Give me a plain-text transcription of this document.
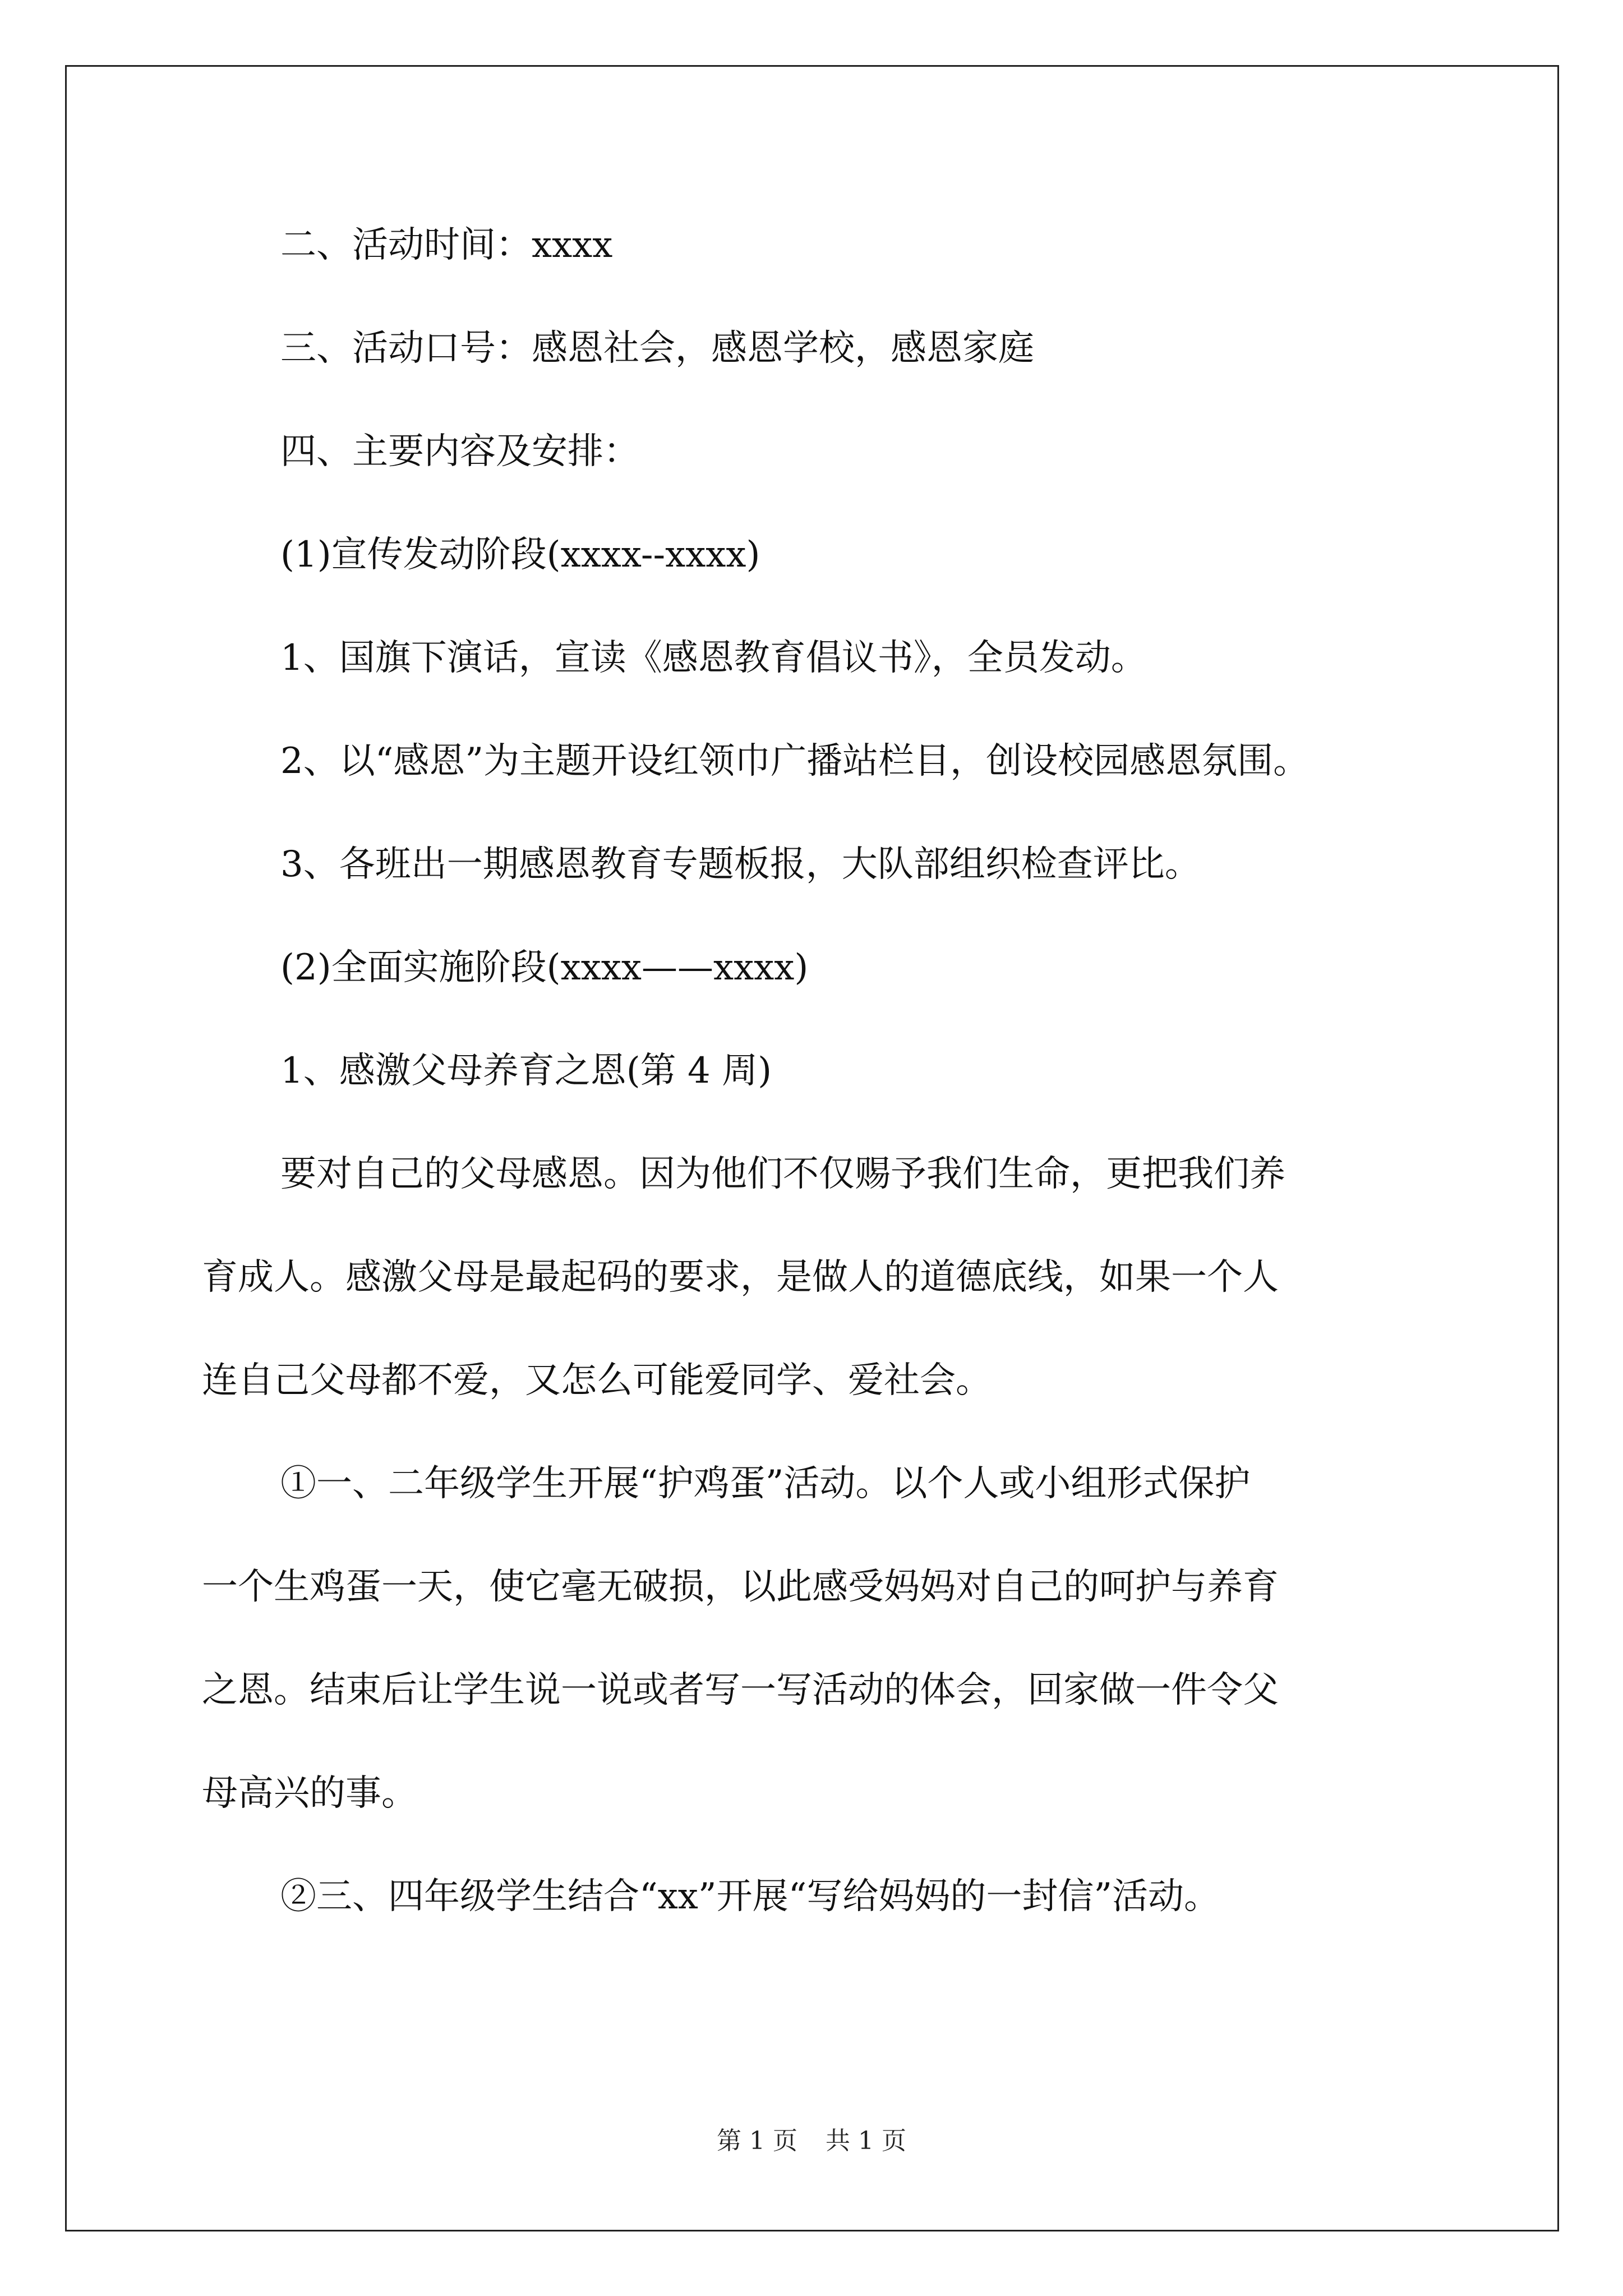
二、活动时间：xxxx
三、活动口号：感恩社会，感恩学校，感恩家庭
四、主要内容及安排：
(1)宣传发动阶段(xxxx--xxxx)
1、国旗下演话，宣读《感恩教育倡议书》，全员发动。
2、以“感恩”为主题开设红领巾广播站栏目，创设校园感恩氛围。
3、各班出一期感恩教育专题板报，大队部组织检查评比。
(2)全面实施阶段(xxxx——xxxx)
1、感激父母养育之恩(第 4 周)
要对自己的父母感恩。因为他们不仅赐予我们生命，更把我们养
育成人。感激父母是最起码的要求，是做人的道德底线，如果一个人
连自己父母都不爱，又怎么可能爱同学、爱社会。
①一、二年级学生开展“护鸡蛋”活动。以个人或小组形式保护
一个生鸡蛋一天，使它毫无破损，以此感受妈妈对自己的呵护与养育
之恩。结束后让学生说一说或者写一写活动的体会，回家做一件令父
母高兴的事。
②三、四年级学生结合“xx”开展“写给妈妈的一封信”活动。
第 1 页 共 1 页
